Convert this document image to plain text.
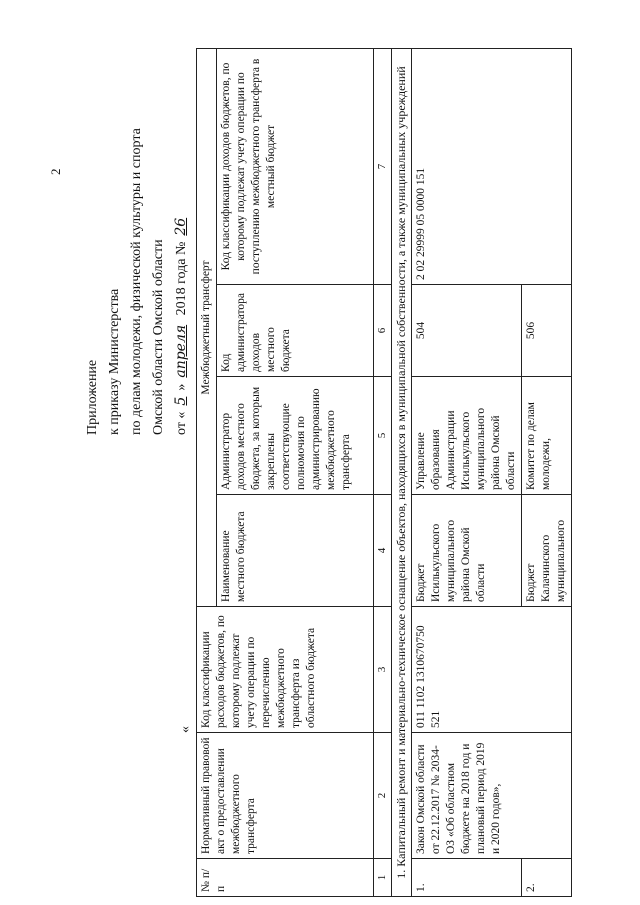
2
Приложение к приказу Министерства по делам молодежи, физической культуры и спорта Омской области Омской области от «5»апреля 2018 года №26
«
№ п/п	Нормативный правовой акт о предоставлении межбюджетного трансферта	Код классификации расходов бюджетов, по которому подлежат учету операции по перечислению межбюджетного трансферта из областного бюджета	Межбюджетный трансферт			
			Наименование местного бюджета	Администратор доходов местного бюджета, за которым закреплены соответствующие полномочия по администрированию межбюджетного трансферта	Код администратора доходов местного бюджета	Код классификации доходов бюджетов, по которому подлежат учету операции по поступлению межбюджетного трансферта в местный бюджет
1	2	3	4	5	6	7
1. Капитальный ремонт и материально-техническое оснащение объектов, находящихся в муниципальной собственности, а также муниципальных учреждений						
1.	Закон Омской области от 22.12.2017 № 2034-ОЗ «Об областном бюджете на 2018 год и плановый период 2019 и 2020 годов»,	011 1102 1310670750 521	Бюджет Исилькульского муниципального района Омской области	Управление образования Администрации Исилькульского муниципального района Омской области	504	2 02 29999 05 0000 151
2.			Бюджет Калачинского муниципального	Комитет по делам молодежи,	506	
